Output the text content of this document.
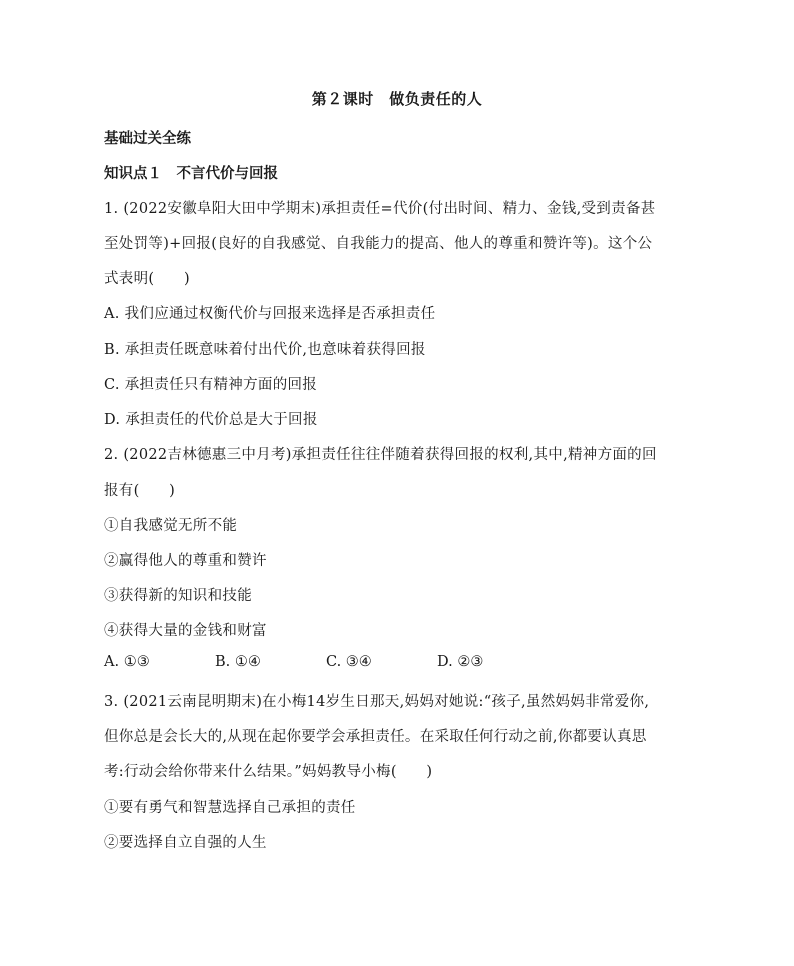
第２课时　做负责任的人
基础过关全练
知识点１　不言代价与回报
1. (2022安徽阜阳大田中学期末)承担责任=代价(付出时间、精力、金钱,受到责备甚
至处罚等)+回报(良好的自我感觉、自我能力的提高、他人的尊重和赞许等)。这个公
式表明(　　)
A. 我们应通过权衡代价与回报来选择是否承担责任
B. 承担责任既意味着付出代价,也意味着获得回报
C. 承担责任只有精神方面的回报
D. 承担责任的代价总是大于回报
2. (2022吉林德惠三中月考)承担责任往往伴随着获得回报的权利,其中,精神方面的回
报有(　　)
①自我感觉无所不能
②赢得他人的尊重和赞许
③获得新的知识和技能
④获得大量的金钱和财富
A. ①③	B. ①④	C. ③④	D. ②③
3. (2021云南昆明期末)在小梅14岁生日那天,妈妈对她说:“孩子,虽然妈妈非常爱你,
但你总是会长大的,从现在起你要学会承担责任。在采取任何行动之前,你都要认真思
考:行动会给你带来什么结果。”妈妈教导小梅(　　)
①要有勇气和智慧选择自己承担的责任
②要选择自立自强的人生
